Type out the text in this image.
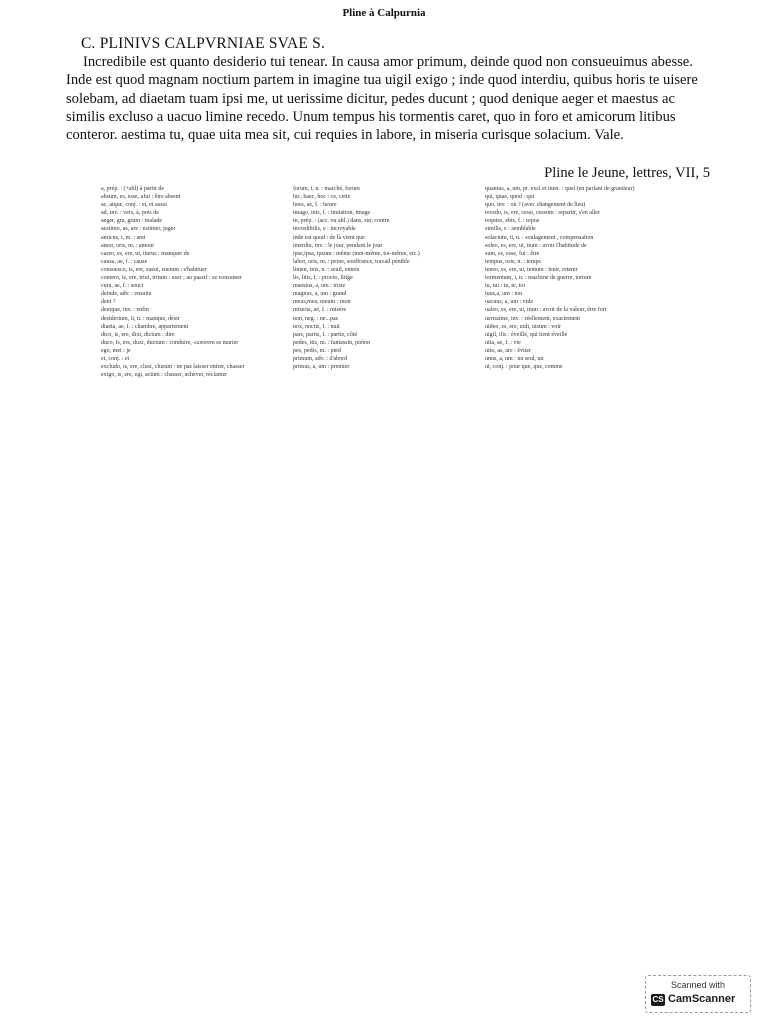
Pline à Calpurnia
C. PLINIVS CALPVRNIAE SVAE S.

Incredibile est quanto desiderio tui tenear. In causa amor primum, deinde quod non consueuimus abesse. Inde est quod magnam noctium partem in imagine tua uigil exigo ; inde quod interdiu, quibus horis te uisere solebam, ad diaetam tuam ipsi me, ut uerissime dicitur, pedes ducunt ; quod denique aeger et maestus ac similis excluso a uacuo limine recedo. Unum tempus his tormentis caret, quo in foro et amicorum litibus conteror. aestima tu, quae uita mea sit, cui requies in labore, in miseria curisque solacium. Vale.

Pline le Jeune, lettres, VII, 5
a, prép. : (+abl) à partir de
absum, es, esse, afui : être absent
ac, atque, conj. : et, et aussi
ad, inv. : vers, à, près de
aeger, gra, grum : malade
aestimo, as, are : estimer, juger
amicus, i, m. : ami
amor, oris, m. : amour
careo, es, ere, ui, iturus : manquer de
causa, ae, f. : cause
consuesco, is, ere, sueui, suetum : s'habituer
contero, is, ere, triui, tritum : user ; au passif : se consumer
cura, ae, f. : souci
deinde, adv. : ensuite
deni ?
denique, inv. : enfin
desiderium, ii, n. : manque, désir
diaeta, ae, f. : chambre, appartement
dico, is, ere, dixi, dictum : dire
duco, is, ere, duxi, ductum : conduire, «uxorem se marier
ego, mei : je
et, conj. : et
excludo, is, ere, clusi, clusum : ne pas laisser entrer, chasser
exigo, is, ere, egi, actum : chasser, achever, réclamer
forum, i, n. : marché, forum
hic, haec, hoc : ce, cette
hora, ae, f. : heure
imago, inis, f. : imitation, image
in, prép. : (acc. ou abl.) dans, sur, contre
incredibilis, e : incroyable
inde est quod : de là vient que
interdiu, inv. : le jour, pendant le jour
ipse,ipsa, ipsum : même (moi-même, toi-même, etc.)
labor, oris, m. : peine, souffrance, travail pénible
limen, inis, n. : seuil, entrée
lis, litis, f. : procès, litige
maestus, a, um : triste
magnus, a, um : grand
meus,mea, meum : mon
miseria, ae, f. : misère
non, neg. : ne...pas
nox, noctis, f. : nuit
pars, partis, f. : partie, côté
pedes, itis, m. : fantassin, piéton
pes, pedis, m. : pied
primum, adv. : d'abord
primus, a, um : premier
quantus, a, um, pr. excl et inter. : quel (en parlant de grandeur)
qui, quae, quod : qui
quo, inv. : où ? (avec changement de lieu)
recedo, is, ere, cessi, cessum : repartir, s'en aller
requies, ebis, f. : repos
similis, e : semblable
solacium, ii, n. : soulagement , compensation
soleo, es, ere, ui, itum : avoir l'habitude de
sum, es, esse, fui : être
tempus, oris, n. : temps
teneo, es, ere, ui, tentum : tenir, retenir
tormentum, i, n. : machine de guerre, torture
tu, tui : tu, te, toi
tuus,a, um : ton
uacuus, a, um : vide
ualeo, es, ere, ui, itum : avoir de la valeur, être fort
uerissime, inv. : réellement, exactement
uideo, es, ere, uidi, uisum : voir
uigil, ilis : éveillé, qui tient éveillé
uita, ae, f. : vie
uito, as, are : éviter
unus, a, um : un seul, un
ut, conj. : pour que, que, comme
Scanned with
CS CamScanner
